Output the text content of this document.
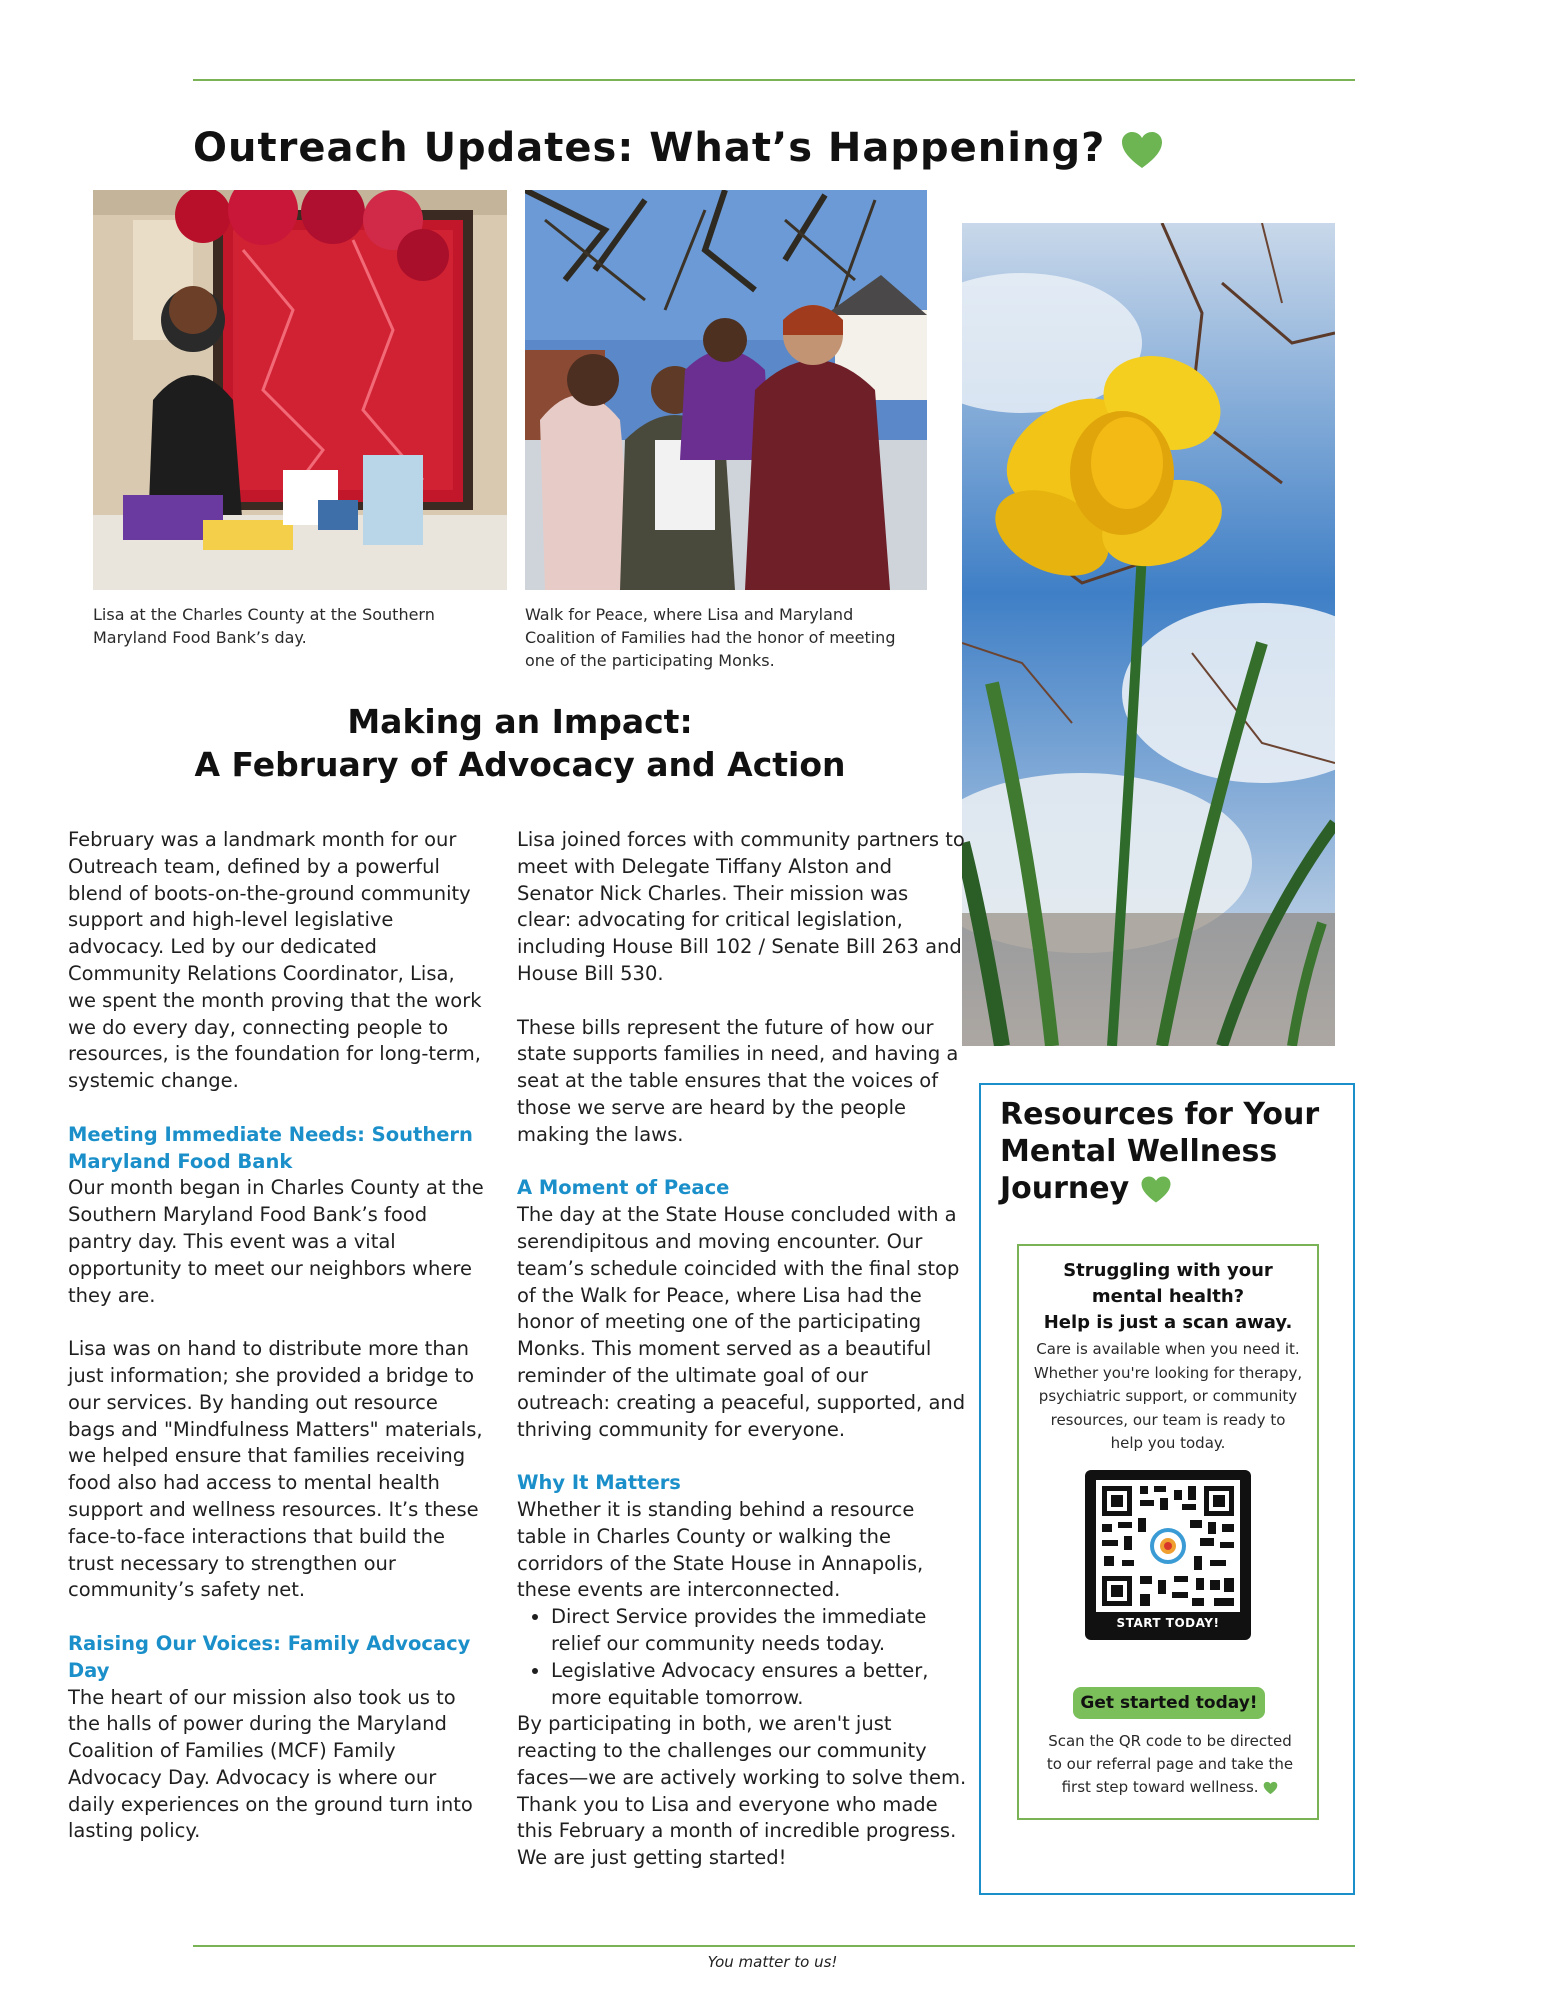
Outreach Updates: What’s Happening?

Lisa at the Charles County at the Southern Maryland Food Bank’s day.

Walk for Peace, where Lisa and Maryland Coalition of Families had the honor of meeting one of the participating Monks.

Making an Impact:
A February of Advocacy and Action

February was a landmark month for our Outreach team, defined by a powerful blend of boots-on-the-ground community support and high-level legislative advocacy. Led by our dedicated Community Relations Coordinator, Lisa, we spent the month proving that the work we do every day, connecting people to resources, is the foundation for long-term, systemic change.

Meeting Immediate Needs: Southern Maryland Food Bank

Our month began in Charles County at the Southern Maryland Food Bank’s food pantry day. This event was a vital opportunity to meet our neighbors where they are.

Lisa was on hand to distribute more than just information; she provided a bridge to our services. By handing out resource bags and "Mindfulness Matters" materials, we helped ensure that families receiving food also had access to mental health support and wellness resources. It’s these face-to-face interactions that build the trust necessary to strengthen our community’s safety net.

Raising Our Voices: Family Advocacy Day

The heart of our mission also took us to the halls of power during the Maryland Coalition of Families (MCF) Family Advocacy Day. Advocacy is where our daily experiences on the ground turn into lasting policy.

Lisa joined forces with community partners to meet with Delegate Tiffany Alston and Senator Nick Charles. Their mission was clear: advocating for critical legislation, including House Bill 102 / Senate Bill 263 and House Bill 530.

These bills represent the future of how our state supports families in need, and having a seat at the table ensures that the voices of those we serve are heard by the people making the laws.

A Moment of Peace

The day at the State House concluded with a serendipitous and moving encounter. Our team’s schedule coincided with the final stop of the Walk for Peace, where Lisa had the honor of meeting one of the participating Monks. This moment served as a beautiful reminder of the ultimate goal of our outreach: creating a peaceful, supported, and thriving community for everyone.

Why It Matters

Whether it is standing behind a resource table in Charles County or walking the corridors of the State House in Annapolis, these events are interconnected.

• Direct Service provides the immediate relief our community needs today.
• Legislative Advocacy ensures a better, more equitable tomorrow.

By participating in both, we aren't just reacting to the challenges our community faces—we are actively working to solve them. Thank you to Lisa and everyone who made this February a month of incredible progress. We are just getting started!

Resources for Your Mental Wellness Journey
Struggling with your mental health?
Help is just a scan away.
Care is available when you need it. Whether you're looking for therapy, psychiatric support, or community resources, our team is ready to help you today.
START TODAY!
Get started today!
Scan the QR code to be directed to our referral page and take the first step toward wellness.
You matter to us!
